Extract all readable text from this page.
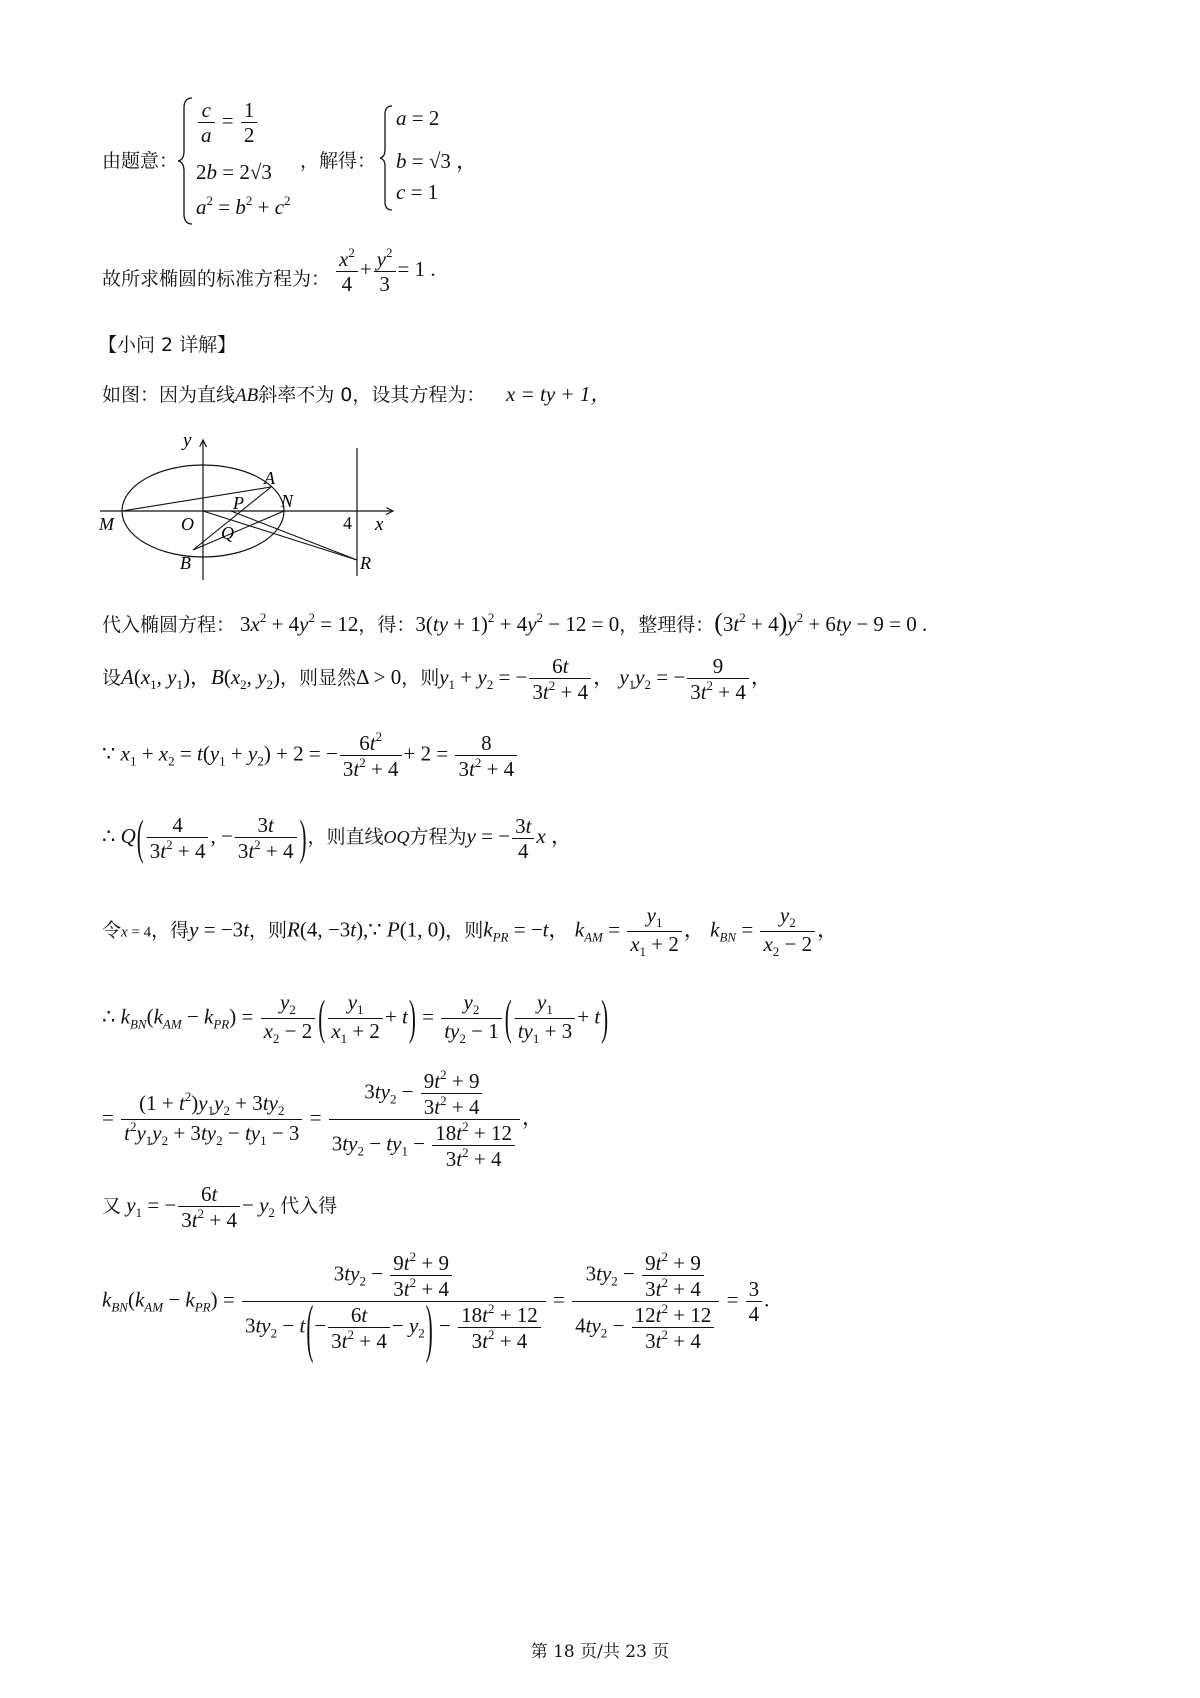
由题意：
$\frac{c}{a} = \frac{1}{2}$
2b = 2√3
$a^2 = b^2 + c^2$
，解得：
a = 2
b = √3 ，
c = 1
故所求椭圆的标准方程为： $\frac{x^2}{4} + \frac{y^2}{3} = 1$ .
【小问 2 详解】
如图：因为直线AB斜率不为 0，设其方程为： x = ty + 1，
y
x
A
N
P
M	O Q
B	R
4
代入椭圆方程： $3x^2 + 4y^2 = 12$，得：$3(ty + 1)^2 + 4y^2 - 12 = 0$，整理得：$(3t^2 + 4)y^2 + 6ty - 9 = 0$ .
设$A(x_1$, $y_1$)，$B(x_2$, $y_2$)，则显然Δ > 0，则$y_1 + y_2$ = − $\frac{6t}{3t^2 + 4}$ ， $y_1y_2$ = − $\frac{9}{3t^2 + 4}$ ，
∵ $x_1 + x_2 = t(y_1 + y_2) + 2$ = − $\frac{6t^2}{3t^2 + 4} + 2 = \frac{8}{3t^2 + 4}$
∴ $Q( \frac{4}{3t^2 + 4}$ , − $\frac{3t}{3t^2 + 4}$ )，则直线OQ方程为y = − $\frac{3t}{4}$ x ，
令x = 4，得y = −3t，则R(4, −3t),∵ P(1, 0)，则$k_{PR} = -t$， $k_{AM} = \frac{y_1}{x_1 + 2}$ ， $k_{BN} = \frac{y_2}{x_2 - 2}$ ，
∴ $k_{BN}(k_{AM} - k_{PR}) = \frac{y_2}{x_2 - 2}$ ( $\frac{y_1}{x_1 + 2} + t) = \frac{y_2}{ty_2 - 1}$ ( $\frac{y_1}{ty_1 + 3} + t$)
= $\frac{(1 + t^2)y_1y_2 + 3ty_2}{t^2y_1y_2 + 3ty_2 - ty_1 - 3} = \frac{3ty_2 - \frac{9t^2 + 9}{3t^2 + 4}}{3ty_2 - ty_1 - \frac{18t^2 + 12}{3t^2 + 4}}$ ，
又 $y_1$ = − $\frac{6t}{3t^2 + 4} - y_2$ 代入得
$k_{BN}(k_{AM} - k_{PR}) = \frac{3ty_2 - \frac{9t^2 + 9}{3t^2 + 4}}{3ty_2 - t(- \frac{6t}{3t^2 + 4} - y_2) - \frac{18t^2 + 12}{3t^2 + 4}} = \frac{3ty_2 - \frac{9t^2 + 9}{3t^2 + 4}}{4ty_2 - \frac{12t^2 + 12}{3t^2 + 4}} = \frac{3}{4}$ .
第 18 页/共 23 页
